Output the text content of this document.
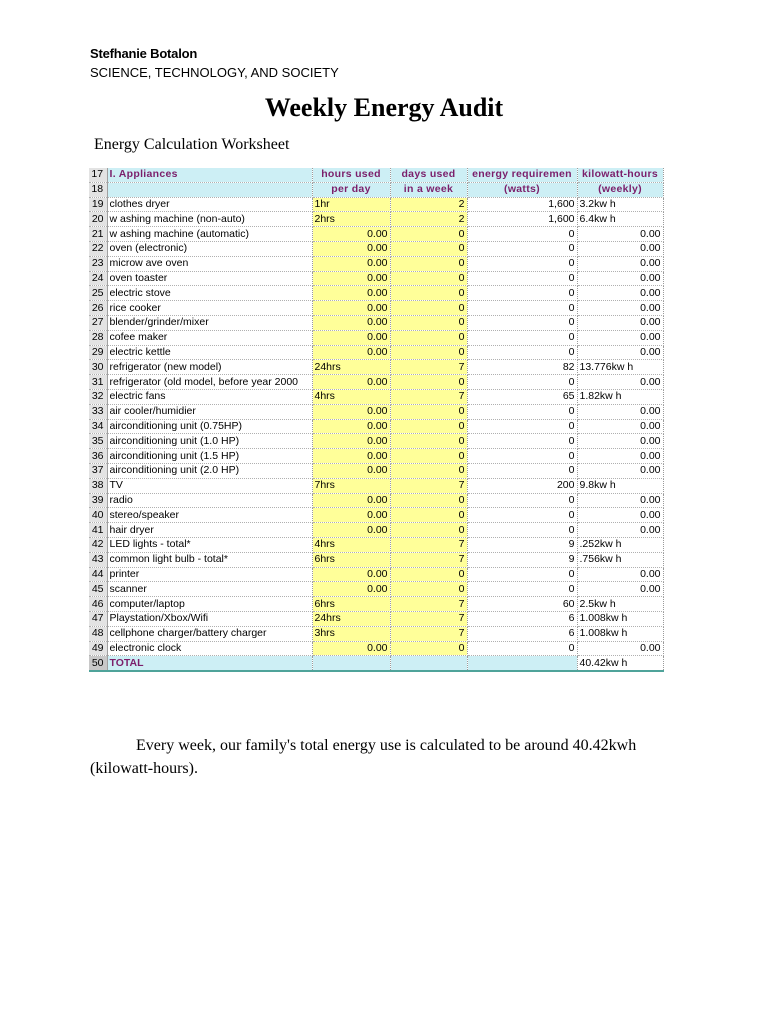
Stefhanie Botalon
SCIENCE, TECHNOLOGY, AND SOCIETY
Weekly Energy Audit
Energy Calculation Worksheet
17	I. Appliances	hours used	days used	energy requiremen	kilowatt-hours
18		per day	in a week	(watts)	(weekly)
19	clothes dryer	1hr	2	1,600	3.2kw h
20	w ashing machine (non-auto)	2hrs	2	1,600	6.4kw h
21	w ashing machine (automatic)	0.00	0	0	0.00
22	oven (electronic)	0.00	0	0	0.00
23	microw ave oven	0.00	0	0	0.00
24	oven toaster	0.00	0	0	0.00
25	electric stove	0.00	0	0	0.00
26	rice cooker	0.00	0	0	0.00
27	blender/grinder/mixer	0.00	0	0	0.00
28	cofee maker	0.00	0	0	0.00
29	electric kettle	0.00	0	0	0.00
30	refrigerator (new model)	24hrs	7	82	13.776kw h
31	refrigerator (old model, before year 2000	0.00	0	0	0.00
32	electric fans	4hrs	7	65	1.82kw h
33	air cooler/humidier	0.00	0	0	0.00
34	airconditioning unit (0.75HP)	0.00	0	0	0.00
35	airconditioning unit (1.0 HP)	0.00	0	0	0.00
36	airconditioning unit (1.5 HP)	0.00	0	0	0.00
37	airconditioning unit (2.0 HP)	0.00	0	0	0.00
38	TV	7hrs	7	200	9.8kw h
39	radio	0.00	0	0	0.00
40	stereo/speaker	0.00	0	0	0.00
41	hair dryer	0.00	0	0	0.00
42	LED lights - total*	4hrs	7	9	.252kw h
43	common light bulb - total*	6hrs	7	9	.756kw h
44	printer	0.00	0	0	0.00
45	scanner	0.00	0	0	0.00
46	computer/laptop	6hrs	7	60	2.5kw h
47	Playstation/Xbox/Wifi	24hrs	7	6	1.008kw h
48	cellphone charger/battery charger	3hrs	7	6	1.008kw h
49	electronic clock	0.00	0	0	0.00
50	TOTAL				40.42kw h

Every week, our family's total energy use is calculated to be around 40.42kwh (kilowatt-hours).
